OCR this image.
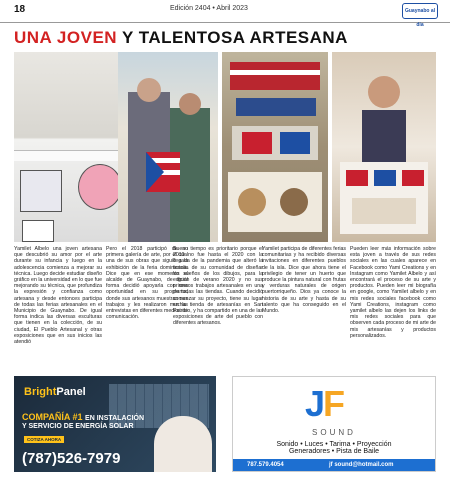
18	Edición 2404 • Abril 2023	Guaynabo al día
UNA JOVEN Y TALENTOSA ARTESANA
Yamilet Albelo una joven artesana que descubrió su amor por el arte durante su infancia y luego en la adolescencia comienza a mejorar su técnica. Luego decide estudiar diseño gráfico en la universidad en lo que fue mejorando su técnica, que profundiza la expresión y confianza como artesana y desde entonces participa de todas las ferias artesanales en el Municipio de Guaynabo. De igual forma indica las diversas esculturas que tienen en la colección, de su ciudad, El Pueblo Artesanal y otras exposiciones que en sus inicios las atendió
Pero el 2018 participó de su primera galería de arte, por el cual una de sus obras que siguió a la exhibición de la feria dominicana. Dice que en ese momento el alcalde de Guaynabo, de igual forma decidió apoyarla con una oportunidad en su programa, donde sus artesanos muestran sus trabajos y les realizaron muchas entrevistas en diferentes medios de comunicación.
Bueno tiempo es prioritario porque el 2019 no fue hasta el 2020 con la llegada de la pandemia que alteró la tertulia de su comunidad de diseñar los sueños de los dibujos, para la edición de verano 2020 y no sus primeros trabajos artesanales en una de todas las tiendas. Cuando decidió comenzar su proyecto, tiene su lugar en la tienda de artesanías en San Patricio, y ha compartido en una de las exposiciones de arte del pueblo con diferentes artesanos.
Yamilet participa de diferentes ferias comunitarias y ha recibido diversas invitaciones en diferentes pueblos de la isla. Dice que ahora tiene el privilegio de tener un huerto que produce la pintura natural con frutas y verduras naturales de origen puertorriqueño. Dios ya conoce la historia de su arte y hasta de su talento que ha conseguido en el Mundo.
Pueden leer más información sobre esta joven a través de sus redes sociales en las cuales aparece en Facebook como Yami Creations y en Instagram como Yamilet Albelo y así encontrará el proceso de su arte y productos. Pueden leer mi biografía en google, como Yamilet albelo y en mis redes sociales facebook como Yami Creations, instagram como yamilet albelo las dejen los links de mis redes sociales para que observen cada proceso de mi arte de mis artesanías y productos personalizados.
BrightPanel
COMPAÑÍA #1 EN INSTALACIÓN
Y SERVICIO DE ENERGÍA SOLAR
COTIZA AHORA
(787)526-7979
JF
SOUND
Sonido • Luces • Tarima • Proyección
Generadores • Pista de Baile
787.579.4054	jf sound@hotmail.com
